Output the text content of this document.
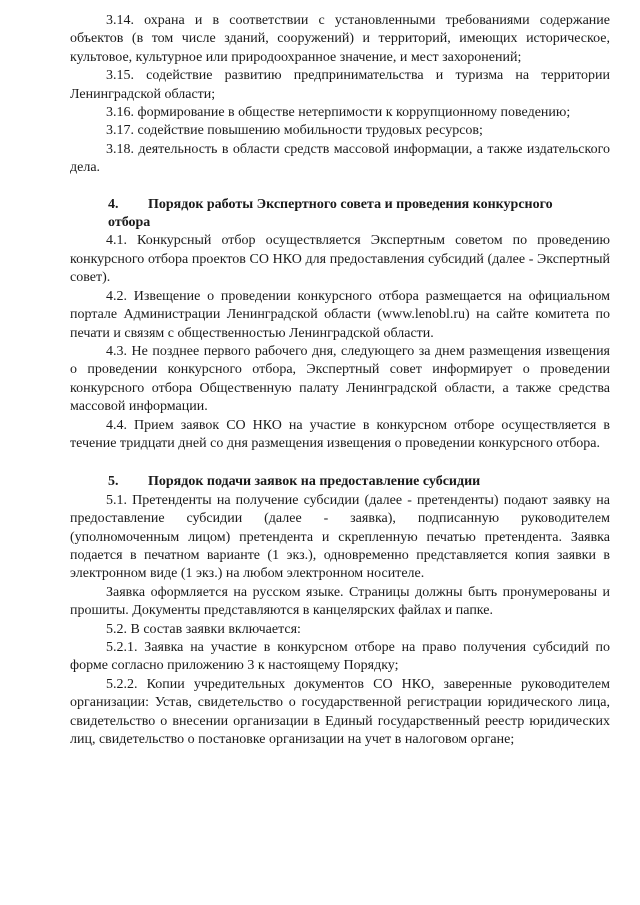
3.14. охрана и в соответствии с установленными требованиями содержание объектов (в том числе зданий, сооружений) и территорий, имеющих историческое, культовое, культурное или природоохранное значение, и мест захоронений;

3.15. содействие развитию предпринимательства и туризма на территории Ленинградской области;

3.16. формирование в обществе нетерпимости к коррупционному поведению;

3.17. содействие повышению мобильности трудовых ресурсов;

3.18. деятельность в области средств массовой информации, а также издательского дела.

4. Порядок работы Экспертного совета и проведения конкурсного

отбора

4.1. Конкурсный отбор осуществляется Экспертным советом по проведению конкурсного отбора проектов СО НКО для предоставления субсидий (далее - Экспертный совет).

4.2. Извещение о проведении конкурсного отбора размещается на официальном портале Администрации Ленинградской области (www.lenobl.ru) на сайте комитета по печати и связям с общественностью Ленинградской области.

4.3. Не позднее первого рабочего дня, следующего за днем размещения извещения о проведении конкурсного отбора, Экспертный совет информирует о проведении конкурсного отбора Общественную палату Ленинградской области, а также средства массовой информации.

4.4. Прием заявок СО НКО на участие в конкурсном отборе осуществляется в течение тридцати дней со дня размещения извещения о проведении конкурсного отбора.

5. Порядок подачи заявок на предоставление субсидии

5.1. Претенденты на получение субсидии (далее - претенденты) подают заявку на предоставление субсидии (далее - заявка), подписанную руководителем (уполномоченным лицом) претендента и скрепленную печатью претендента. Заявка подается в печатном варианте (1 экз.), одновременно представляется копия заявки в электронном виде (1 экз.) на любом электронном носителе.

Заявка оформляется на русском языке. Страницы должны быть пронумерованы и прошиты. Документы представляются в канцелярских файлах и папке.

5.2. В состав заявки включается:

5.2.1. Заявка на участие в конкурсном отборе на право получения субсидий по форме согласно приложению 3 к настоящему Порядку;

5.2.2. Копии учредительных документов СО НКО, заверенные руководителем организации: Устав, свидетельство о государственной регистрации юридического лица, свидетельство о внесении организации в Единый государственный реестр юридических лиц, свидетельство о постановке организации на учет в налоговом органе;
